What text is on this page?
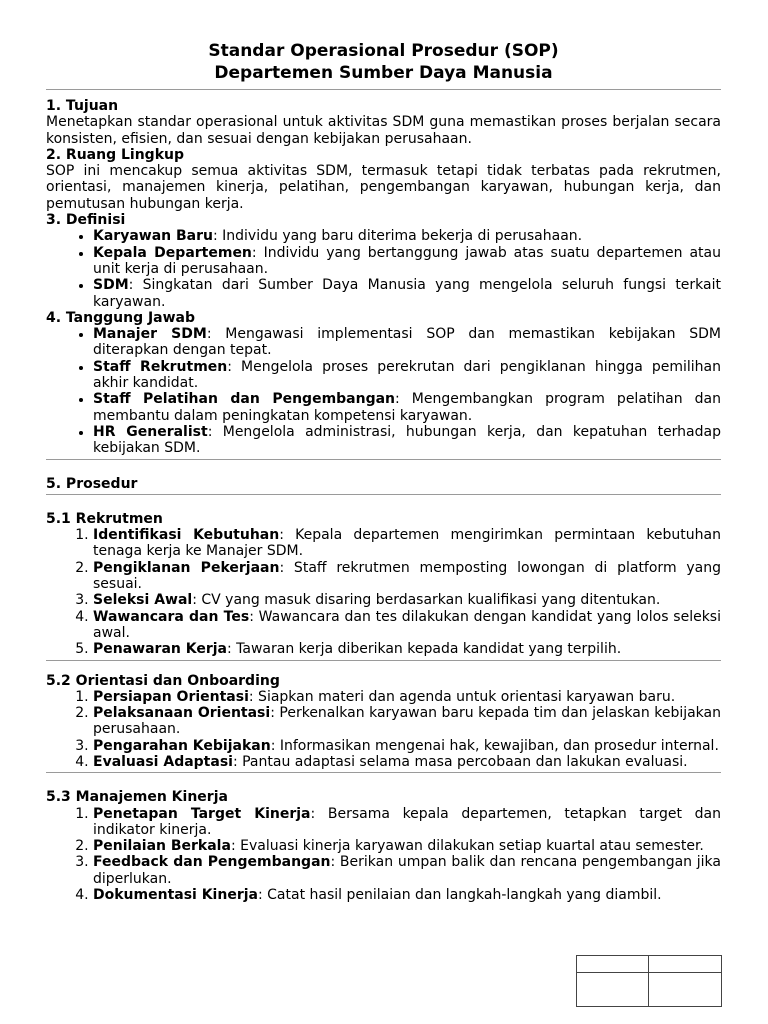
Standar Operasional Prosedur (SOP)
Departemen Sumber Daya Manusia
1. Tujuan

Menetapkan standar operasional untuk aktivitas SDM guna memastikan proses berjalan secara konsisten, efisien, dan sesuai dengan kebijakan perusahaan.

2. Ruang Lingkup

SOP ini mencakup semua aktivitas SDM, termasuk tetapi tidak terbatas pada rekrutmen, orientasi, manajemen kinerja, pelatihan, pengembangan karyawan, hubungan kerja, dan pemutusan hubungan kerja.

3. Definisi
• Karyawan Baru: Individu yang baru diterima bekerja di perusahaan.
• Kepala Departemen: Individu yang bertanggung jawab atas suatu departemen atau unit kerja di perusahaan.
• SDM: Singkatan dari Sumber Daya Manusia yang mengelola seluruh fungsi terkait karyawan.
4. Tanggung Jawab
• Manajer SDM: Mengawasi implementasi SOP dan memastikan kebijakan SDM diterapkan dengan tepat.
• Staff Rekrutmen: Mengelola proses perekrutan dari pengiklanan hingga pemilihan akhir kandidat.
• Staff Pelatihan dan Pengembangan: Mengembangkan program pelatihan dan membantu dalam peningkatan kompetensi karyawan.
• HR Generalist: Mengelola administrasi, hubungan kerja, dan kepatuhan terhadap kebijakan SDM.
5. Prosedur
5.1 Rekrutmen
1. Identifikasi Kebutuhan: Kepala departemen mengirimkan permintaan kebutuhan tenaga kerja ke Manajer SDM.
2. Pengiklanan Pekerjaan: Staff rekrutmen memposting lowongan di platform yang sesuai.
3. Seleksi Awal: CV yang masuk disaring berdasarkan kualifikasi yang ditentukan.
4. Wawancara dan Tes: Wawancara dan tes dilakukan dengan kandidat yang lolos seleksi awal.
5. Penawaran Kerja: Tawaran kerja diberikan kepada kandidat yang terpilih.
5.2 Orientasi dan Onboarding
1. Persiapan Orientasi: Siapkan materi dan agenda untuk orientasi karyawan baru.
2. Pelaksanaan Orientasi: Perkenalkan karyawan baru kepada tim dan jelaskan kebijakan perusahaan.
3. Pengarahan Kebijakan: Informasikan mengenai hak, kewajiban, dan prosedur internal.
4. Evaluasi Adaptasi: Pantau adaptasi selama masa percobaan dan lakukan evaluasi.
5.3 Manajemen Kinerja
1. Penetapan Target Kinerja: Bersama kepala departemen, tetapkan target dan indikator kinerja.
2. Penilaian Berkala: Evaluasi kinerja karyawan dilakukan setiap kuartal atau semester.
3. Feedback dan Pengembangan: Berikan umpan balik dan rencana pengembangan jika diperlukan.
4. Dokumentasi Kinerja: Catat hasil penilaian dan langkah-langkah yang diambil.
